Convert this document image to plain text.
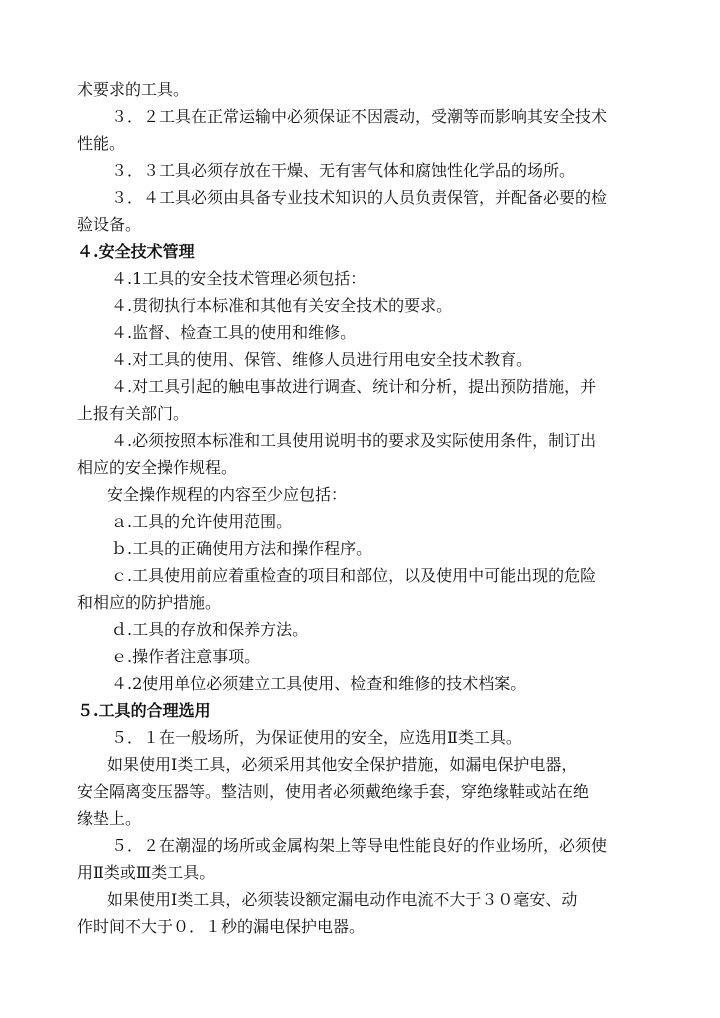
术要求的工具。
３．２工具在正常运输中必须保证不因震动，受潮等而影响其安全技术
性能。
３．３工具必须存放在干燥、无有害气体和腐蚀性化学品的场所。
３．４工具必须由具备专业技术知识的人员负责保管，并配备必要的检
验设备。
４.安全技术管理
４.1工具的安全技术管理必须包括：
４.贯彻执行本标准和其他有关安全技术的要求。
４.监督、检查工具的使用和维修。
４.对工具的使用、保管、维修人员进行用电安全技术教育。
４.对工具引起的触电事故进行调查、统计和分析，提出预防措施，并
上报有关部门。
４.必须按照本标准和工具使用说明书的要求及实际使用条件，制订出
相应的安全操作规程。
安全操作规程的内容至少应包括：
ａ.工具的允许使用范围。
ｂ.工具的正确使用方法和操作程序。
ｃ.工具使用前应着重检查的项目和部位，以及使用中可能出现的危险
和相应的防护措施。
ｄ.工具的存放和保养方法。
ｅ.操作者注意事项。
４.2使用单位必须建立工具使用、检查和维修的技术档案。
５.工具的合理选用
５．１在一般场所，为保证使用的安全，应选用Ⅱ类工具。
如果使用Ⅰ类工具，必须采用其他安全保护措施，如漏电保护电器，
安全隔离变压器等。整洁则，使用者必须戴绝缘手套，穿绝缘鞋或站在绝
缘垫上。
５．２在潮湿的场所或金属构架上等导电性能良好的作业场所，必须使
用Ⅱ类或Ⅲ类工具。
如果使用Ⅰ类工具，必须装设额定漏电动作电流不大于３０毫安、动
作时间不大于０．１秒的漏电保护电器。
